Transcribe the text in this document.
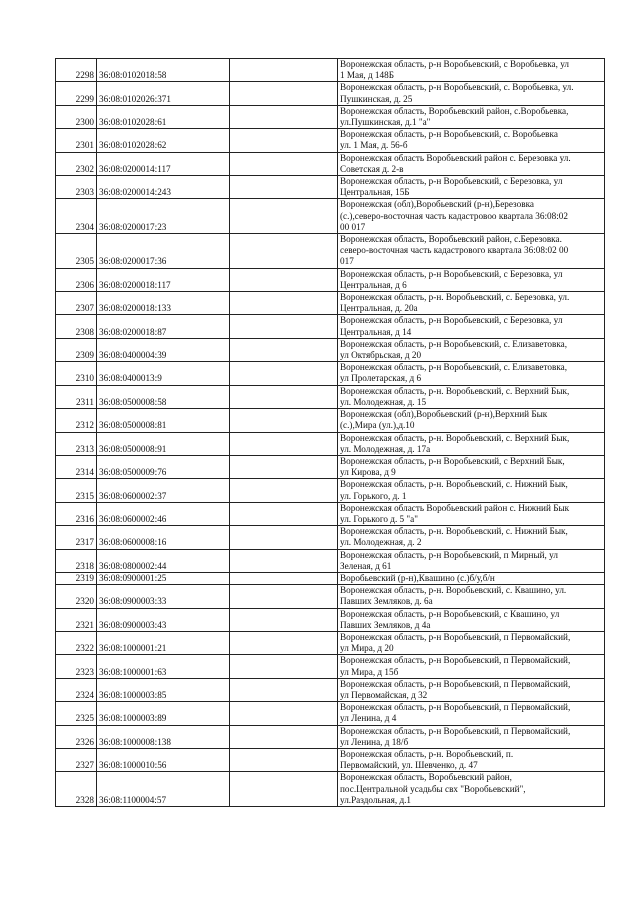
2298	36:08:0102018:58		Воронежская область, р-н Воробьевский, с Воробьевка, ул
1 Мая, д 148Б
2299	36:08:0102026:371		Воронежская область, р-н Воробьевский, с. Воробьевка, ул.
Пушкинская, д. 25
2300	36:08:0102028:61		Воронежская область, Воробьевский район, с.Воробьевка,
ул.Пушкинская, д.1 "а"
2301	36:08:0102028:62		Воронежская область, р-н Воробьевский, с. Воробьевка
ул. 1 Мая, д. 56-б
2302	36:08:0200014:117		Воронежская область Воробьевский район с. Березовка ул.
Советская д. 2-в
2303	36:08:0200014:243		Воронежская область, р-н Воробьевский, с Березовка, ул
Центральная, 15Б
2304	36:08:0200017:23		Воронежская (обл),Воробьевский (р-н),Березовка
(с.),северо-восточная часть кадастровоо квартала 36:08:02
00 017
2305	36:08:0200017:36		Воронежская область, Воробьевский район, с.Березовка.
северо-восточная часть кадастрового квартала 36:08:02 00
017
2306	36:08:0200018:117		Воронежская область, р-н Воробьевский, с Березовка, ул
Центральная, д 6
2307	36:08:0200018:133		Воронежская область, р-н. Воробьевский, с. Березовка, ул.
Центральная, д. 20а
2308	36:08:0200018:87		Воронежская область, р-н Воробьевский, с Березовка, ул
Центральная, д 14
2309	36:08:0400004:39		Воронежская область, р-н Воробьевский, с. Елизаветовка,
ул Октябрьская, д 20
2310	36:08:0400013:9		Воронежская область, р-н Воробьевский, с. Елизаветовка,
ул Пролетарская, д 6
2311	36:08:0500008:58		Воронежская область, р-н. Воробьевский, с. Верхний Бык,
ул. Молодежная, д. 15
2312	36:08:0500008:81		Воронежская (обл),Воробьевский (р-н),Верхний Бык
(с.),Мира (ул.),д.10
2313	36:08:0500008:91		Воронежская область, р-н. Воробьевский, с. Верхний Бык,
ул. Молодежная, д. 17а
2314	36:08:0500009:76		Воронежская область, р-н Воробьевский, с Верхний Бык,
ул Кирова, д 9
2315	36:08:0600002:37		Воронежская область, р-н. Воробьевский, с. Нижний Бык,
ул. Горького, д. 1
2316	36:08:0600002:46		Воронежская область Воробьевский район с. Нижний Бык
ул. Горького д. 5 "а"
2317	36:08:0600008:16		Воронежская область, р-н. Воробьевский, с. Нижний Бык,
ул. Молодежная, д. 2
2318	36:08:0800002:44		Воронежская область, р-н Воробьевский, п Мирный, ул
Зеленая, д 61
2319	36:08:0900001:25		Воробьевский (р-н),Квашино (с.)б/у,б/н
2320	36:08:0900003:33		Воронежская область, р-н. Воробьевский, с. Квашино, ул.
Павших Земляков, д. 6а
2321	36:08:0900003:43		Воронежская область, р-н Воробьевский, с Квашино, ул
Павших Земляков, д 4а
2322	36:08:1000001:21		Воронежская область, р-н Воробьевский, п Первомайский,
ул Мира, д 20
2323	36:08:1000001:63		Воронежская область, р-н Воробьевский, п Первомайский,
ул Мира, д 15б
2324	36:08:1000003:85		Воронежская область, р-н Воробьевский, п Первомайский,
ул Первомайская, д 32
2325	36:08:1000003:89		Воронежская область, р-н Воробьевский, п Первомайский,
ул Ленина, д 4
2326	36:08:1000008:138		Воронежская область, р-н Воробьевский, п Первомайский,
ул Ленина, д 18/б
2327	36:08:1000010:56		Воронежская область, р-н. Воробьевский, п.
Первомайский, ул. Шевченко, д. 47
2328	36:08:1100004:57		Воронежская область, Воробьевский район,
пос.Центральной усадьбы свх "Воробьевский",
ул.Раздольная, д.1
